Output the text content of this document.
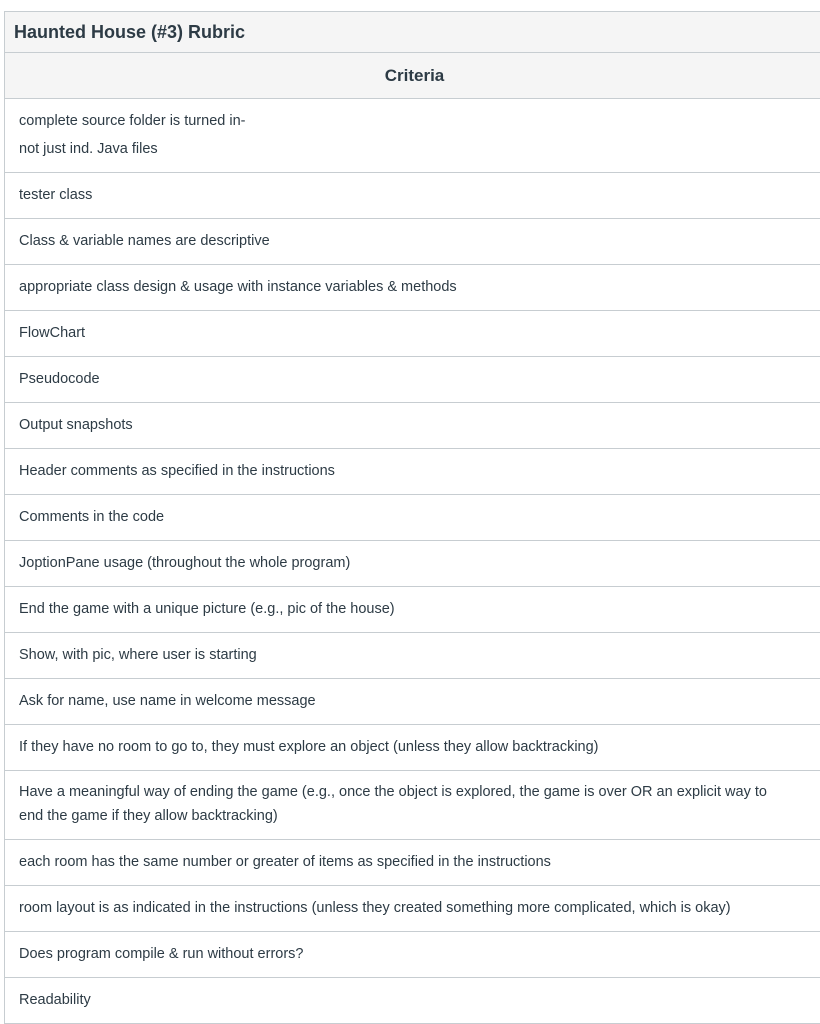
Haunted House (#3) Rubric
Criteria
complete source folder is turned in-
not just ind. Java files
tester class
Class & variable names are descriptive
appropriate class design & usage with instance variables & methods
FlowChart
Pseudocode
Output snapshots
Header comments as specified in the instructions
Comments in the code
JoptionPane usage (throughout the whole program)
End the game with a unique picture (e.g., pic of the house)
Show, with pic, where user is starting
Ask for name, use name in welcome message
If they have no room to go to, they must explore an object (unless they allow backtracking)
Have a meaningful way of ending the game (e.g., once the object is explored, the game is over OR an explicit way to
end the game if they allow backtracking)
each room has the same number or greater of items as specified in the instructions
room layout is as indicated in the instructions (unless they created something more complicated, which is okay)
Does program compile & run without errors?
Readability
